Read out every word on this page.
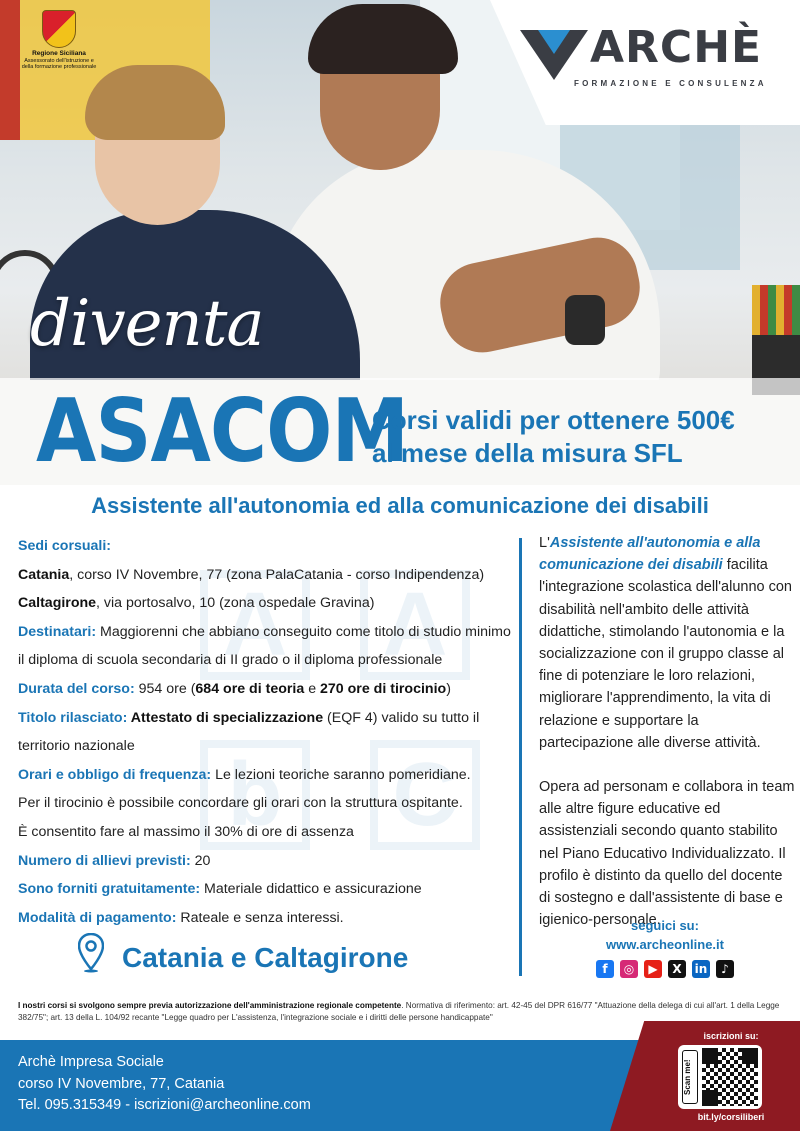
Regione Siciliana
Assessorato dell'istruzione e della formazione professionale	ARCHÈ
FORMAZIONE E CONSULENZA
diventa
ASACOM
Corsi validi per ottenere 500€
al mese della misura SFL
Assistente all'autonomia ed alla comunicazione dei disabili
A A
b	C
Sedi corsuali:
Catania, corso IV Novembre, 77 (zona PalaCatania - corso Indipendenza)
Caltagirone, via portosalvo, 10 (zona ospedale Gravina)
Destinatari: Maggiorenni che abbiano conseguito come titolo di studio minimo il diploma di scuola secondaria di II grado o il diploma professionale
Durata del corso: 954 ore (684 ore di teoria e 270 ore di tirocinio)
Titolo rilasciato: Attestato di specializzazione (EQF 4) valido su tutto il territorio nazionale
Orari e obbligo di frequenza: Le lezioni teoriche saranno pomeridiane.
Per il tirocinio è possibile concordare gli orari con la struttura ospitante.
È consentito fare al massimo il 30% di ore di assenza
Numero di allievi previsti: 20
Sono forniti gratuitamente: Materiale didattico e assicurazione
Modalità di pagamento: Rateale e senza interessi.

L'Assistente all'autonomia e alla comunicazione dei disabili facilita l'integrazione scolastica dell'alunno con disabilità nell'ambito delle attività didattiche, stimolando l'autonomia e la socializzazione con il gruppo classe al fine di potenziare le loro relazioni, migliorare l'apprendimento, la vita di relazione e supportare la partecipazione alle diverse attività.

Opera ad personam e collabora in team alle altre figure educative ed assistenziali secondo quanto stabilito nel Piano Educativo Individualizzato. Il profilo è distinto da quello del docente di sostegno e dall'assistente di base e igienico-personale.

seguici su:
www.archeonline.it
f	◎	▶	X	in	♪
Catania e Caltagirone
I nostri corsi si svolgono sempre previa autorizzazione dell'amministrazione regionale competente. Normativa di riferimento: art. 42-45 del DPR 616/77 "Attuazione della delega di cui all'art. 1 della Legge 382/75"; art. 13 della L. 104/92 recante "Legge quadro per L'assistenza, l'integrazione sociale e i diritti delle persone handicappate"
Archè Impresa Sociale
corso IV Novembre, 77, Catania
Tel. 095.315349 - iscrizioni@archeonline.com
iscrizioni su:
Scan me!
bit.ly/corsiliberi
